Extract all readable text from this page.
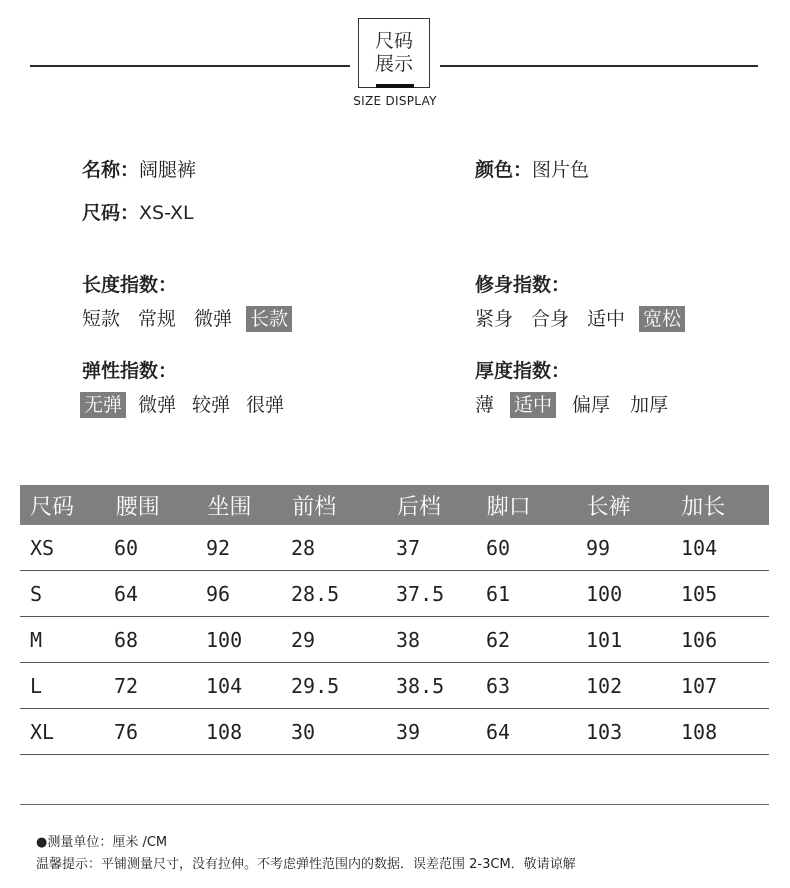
尺码
展示
SIZE DISPLAY
名称：阔腿裤	颜色：图片色
尺码：XS-XL
长度指数：
短款 常规 微弹 长款
修身指数：
紧身 合身 适中 宽松
弹性指数：
无弹 微弹 较弹 很弹
厚度指数：
薄 适中 偏厚 加厚
尺码	腰围	坐围	前档	后档	脚口	长裤	加长
XS	60	92	28	37	60	99	104
S	64	96	28.5	37.5	61	100	105
M	68	100	29	38	62	101	106
L	72	104	29.5	38.5	63	102	107
XL	76	108	30	39	64	103	108
●测量单位：厘米 /CM
温馨提示：平铺测量尺寸，没有拉伸。不考虑弹性范围内的数据．误差范围 2-3CM．敬请谅解
